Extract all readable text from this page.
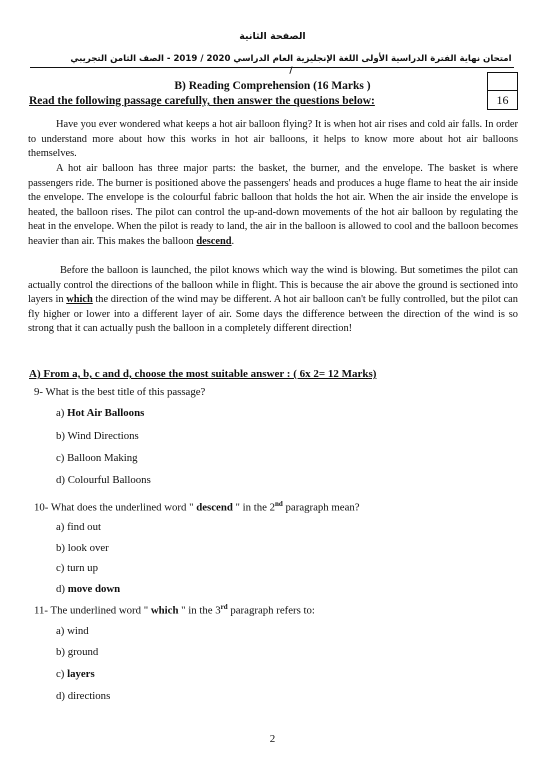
الصفحة الثانية
امتحان نهاية الفترة الدراسية الأولى اللغة الإنجليزية العام الدراسي 2020 / 2019 - الصف الثامن التجريبي /
16
B) Reading Comprehension (16 Marks )
Read the following passage carefully, then answer the questions below:

Have you ever wondered what keeps a hot air balloon flying? It is when hot air rises and cold air falls. In order to understand more about how this works in hot air balloons, it helps to know more about hot air balloons themselves.

A hot air balloon has three major parts: the basket, the burner, and the envelope. The basket is where passengers ride. The burner is positioned above the passengers' heads and produces a huge flame to heat the air inside the envelope. The envelope is the colourful fabric balloon that holds the hot air. When the air inside the envelope is heated, the balloon rises. The pilot can control the up-and-down movements of the hot air balloon by regulating the heat in the envelope. When the pilot is ready to land, the air in the balloon is allowed to cool and the balloon becomes heavier than air. This makes the balloon descend.

Before the balloon is launched, the pilot knows which way the wind is blowing. But sometimes the pilot can actually control the directions of the balloon while in flight. This is because the air above the ground is sectioned into layers in which the direction of the wind may be different. A hot air balloon can't be fully controlled, but the pilot can fly higher or lower into a different layer of air. Some days the difference between the direction of the wind is so strong that it can actually push the balloon in a completely different direction!

A) From a, b, c and d, choose the most suitable answer : ( 6x 2= 12 Marks)
9- What is the best title of this passage?
a) Hot Air Balloons
b) Wind Directions
c) Balloon Making
d) Colourful Balloons
10- What does the underlined word " descend " in the 2nd paragraph mean?
a) find out
b) look over
c) turn up
d) move down
11- The underlined word " which " in the 3rd paragraph refers to:
a) wind
b) ground
c) layers
d) directions
2
